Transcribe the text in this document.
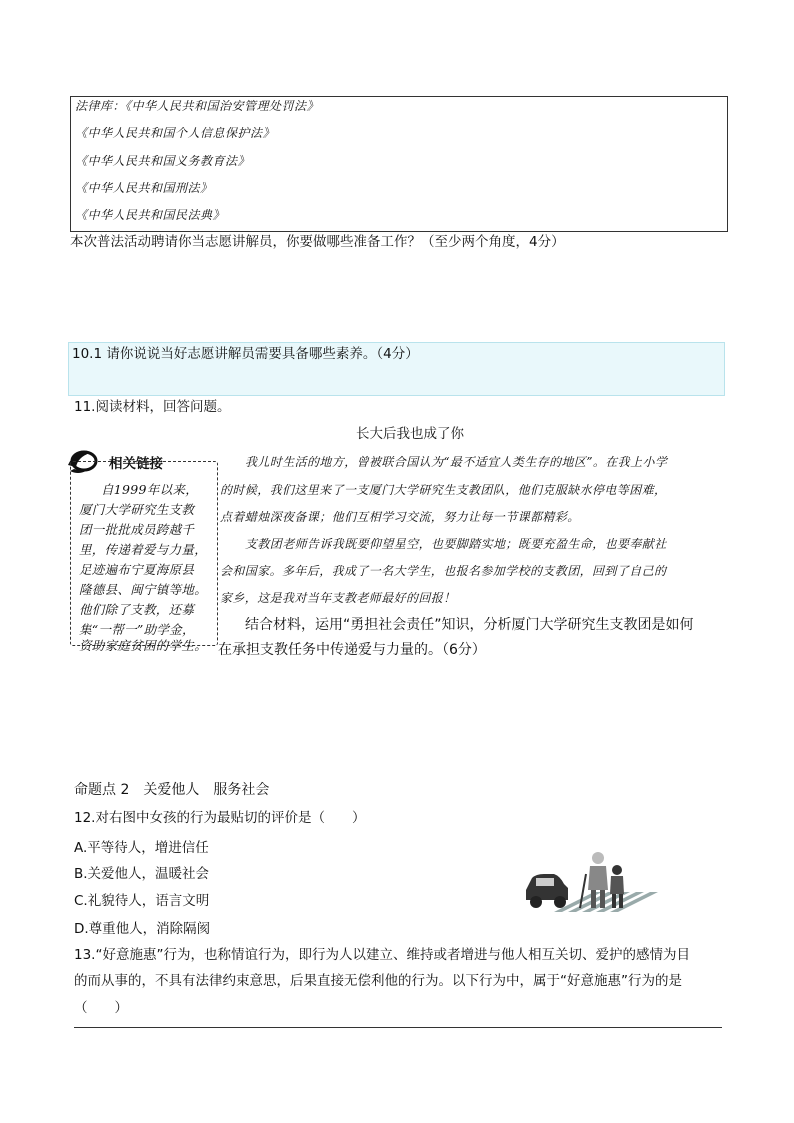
法律库：《中华人民共和国治安管理处罚法》
《中华人民共和国个人信息保护法》
《中华人民共和国义务教育法》
《中华人民共和国刑法》
《中华人民共和国民法典》
本次普法活动聘请你当志愿讲解员，你要做哪些准备工作？（至少两个角度，4分）
10.1 请你说说当好志愿讲解员需要具备哪些素养。（4分）
11.阅读材料，回答问题。
长大后我也成了你
相关链接
自1999年以来，
厦门大学研究生支教
团一批批成员跨越千
里，传递着爱与力量，
足迹遍布宁夏海原县
隆德县、闽宁镇等地。
他们除了支教，还募
集“一帮一”助学金，
资助家庭贫困的学生。
我儿时生活的地方，曾被联合国认为“最不适宜人类生存的地区”。在我上小学
的时候，我们这里来了一支厦门大学研究生支教团队，他们克服缺水停电等困难，
点着蜡烛深夜备课；他们互相学习交流，努力让每一节课都精彩。
支教团老师告诉我既要仰望星空，也要脚踏实地；既要充盈生命，也要奉献社
会和国家。多年后，我成了一名大学生，也报名参加学校的支教团，回到了自己的
家乡，这是我对当年支教老师最好的回报！
结合材料，运用“勇担社会责任”知识，分析厦门大学研究生支教团是如何
在承担支教任务中传递爱与力量的。（6分）
命题点 2　关爱他人　服务社会
12.对右图中女孩的行为最贴切的评价是（　　）
A.平等待人，增进信任
B.关爱他人，温暖社会
C.礼貌待人，语言文明
D.尊重他人，消除隔阂
13.“好意施惠”行为，也称情谊行为，即行为人以建立、维持或者增进与他人相互关切、爱护的感情为目
的而从事的，不具有法律约束意思，后果直接无偿利他的行为。以下行为中，属于“好意施惠”行为的是
（　　）
